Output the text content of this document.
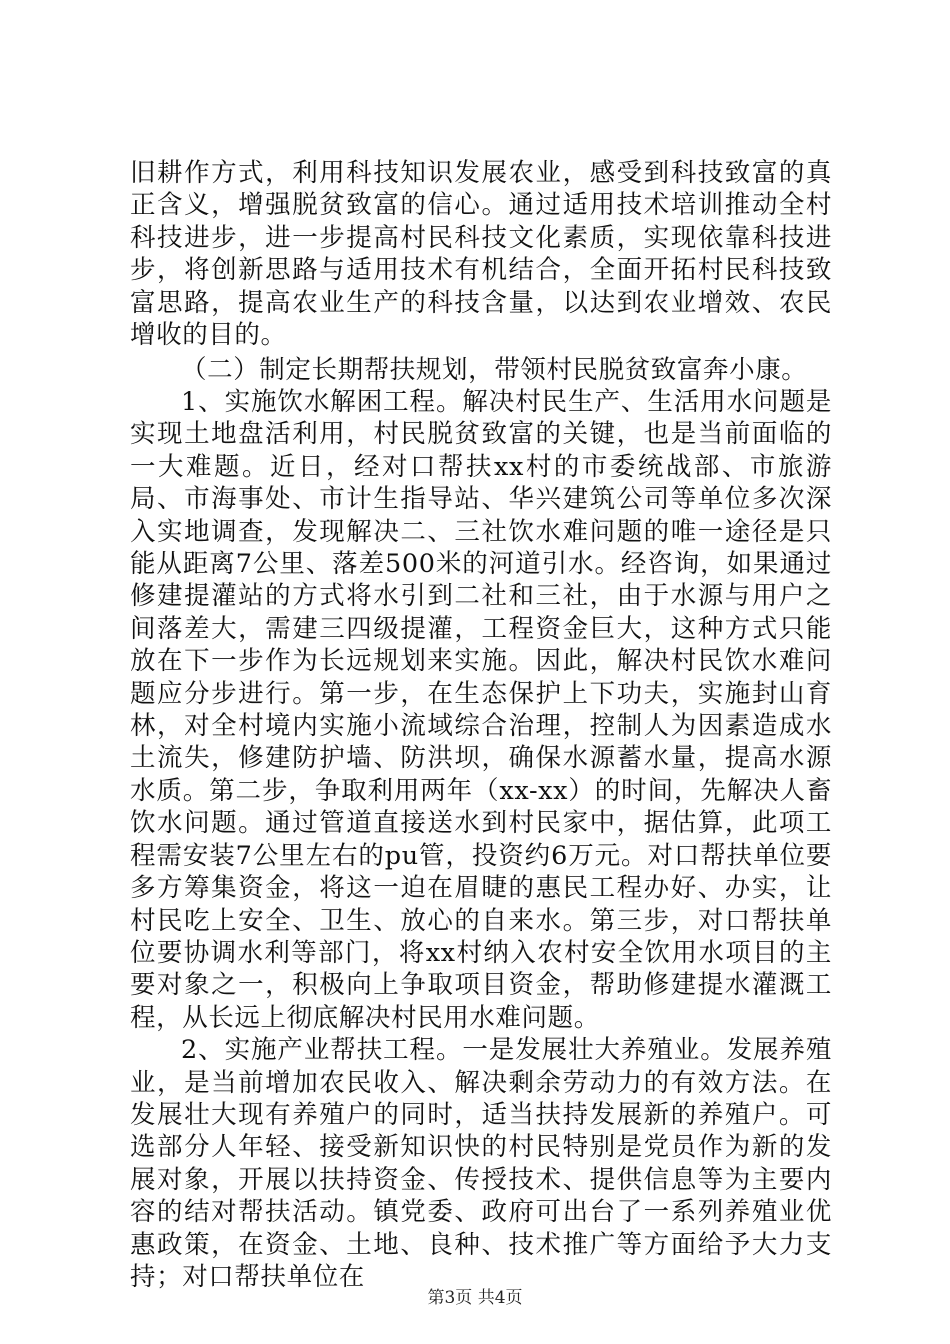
旧耕作方式，利用科技知识发展农业，感受到科技致富的真正含义，增强脱贫致富的信心。通过适用技术培训推动全村科技进步，进一步提高村民科技文化素质，实现依靠科技进步，将创新思路与适用技术有机结合，全面开拓村民科技致富思路，提高农业生产的科技含量，以达到农业增效、农民增收的目的。

（二）制定长期帮扶规划，带领村民脱贫致富奔小康。

1、实施饮水解困工程。解决村民生产、生活用水问题是实现土地盘活利用，村民脱贫致富的关键，也是当前面临的一大难题。近日，经对口帮扶xx村的市委统战部、市旅游局、市海事处、市计生指导站、华兴建筑公司等单位多次深入实地调查，发现解决二、三社饮水难问题的唯一途径是只能从距离7公里、落差500米的河道引水。经咨询，如果通过修建提灌站的方式将水引到二社和三社，由于水源与用户之间落差大，需建三四级提灌，工程资金巨大，这种方式只能放在下一步作为长远规划来实施。因此，解决村民饮水难问题应分步进行。第一步，在生态保护上下功夫，实施封山育林，对全村境内实施小流域综合治理，控制人为因素造成水土流失，修建防护墙、防洪坝，确保水源蓄水量，提高水源水质。第二步，争取利用两年（xx-xx）的时间，先解决人畜饮水问题。通过管道直接送水到村民家中，据估算，此项工程需安装7公里左右的pu管，投资约6万元。对口帮扶单位要多方筹集资金，将这一迫在眉睫的惠民工程办好、办实，让村民吃上安全、卫生、放心的自来水。第三步，对口帮扶单位要协调水利等部门，将xx村纳入农村安全饮用水项目的主要对象之一，积极向上争取项目资金，帮助修建提水灌溉工程，从长远上彻底解决村民用水难问题。

2、实施产业帮扶工程。一是发展壮大养殖业。发展养殖业，是当前增加农民收入、解决剩余劳动力的有效方法。在发展壮大现有养殖户的同时，适当扶持发展新的养殖户。可选部分人年轻、接受新知识快的村民特别是党员作为新的发展对象，开展以扶持资金、传授技术、提供信息等为主要内容的结对帮扶活动。镇党委、政府可出台了一系列养殖业优惠政策，在资金、土地、良种、技术推广等方面给予大力支持；对口帮扶单位在

第3页 共4页
